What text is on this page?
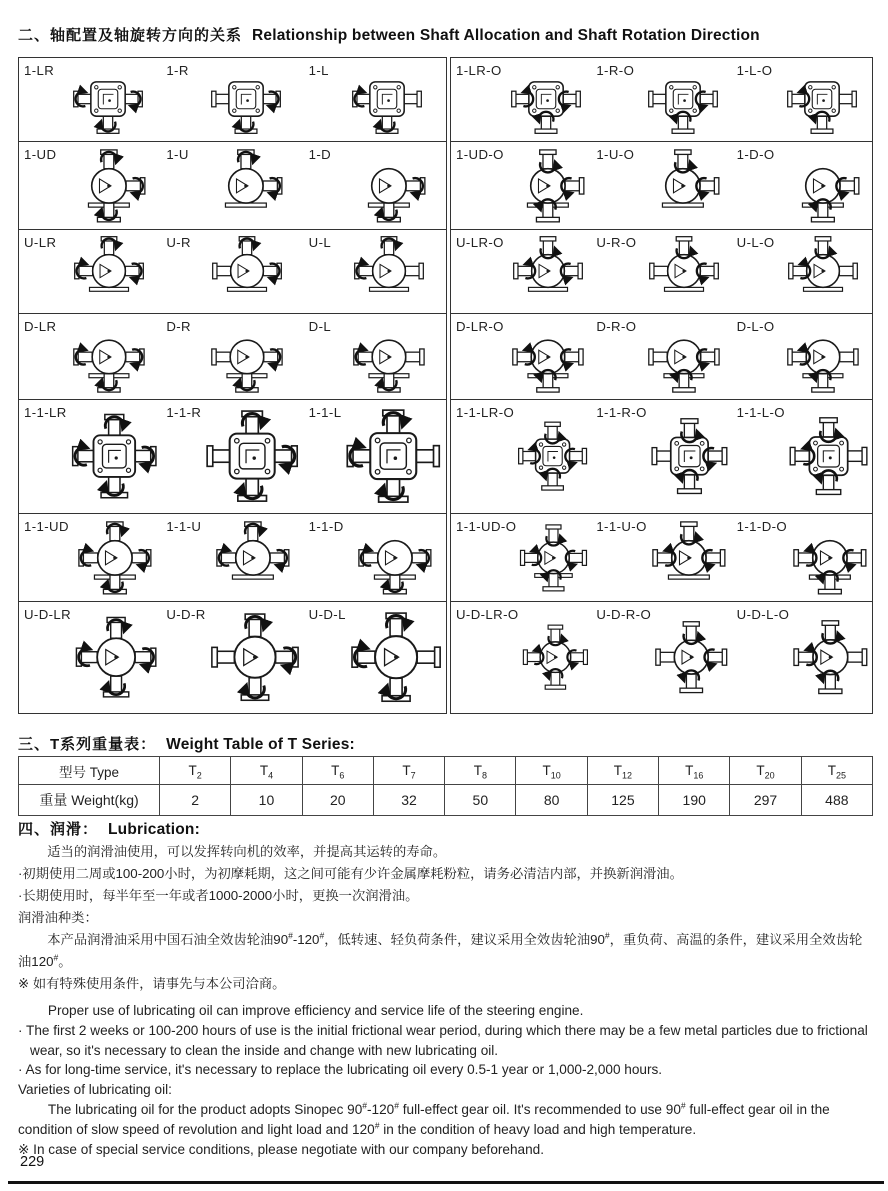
二、轴配置及轴旋转方向的关系 Relationship between Shaft Allocation and Shaft Rotation Direction
1-LR	1-R	1-L
1-UD	1-U	1-D
U-LR	U-R	U-L
D-LR	D-R	D-L
1-1-LR	1-1-R	1-1-L
1-1-UD	1-1-U	1-1-D
U-D-LR	U-D-R	U-D-L
1-LR-O	1-R-O	1-L-O
1-UD-O	1-U-O	1-D-O
U-LR-O	U-R-O	U-L-O
D-LR-O	D-R-O	D-L-O
1-1-LR-O	1-1-R-O	1-1-L-O
1-1-UD-O	1-1-U-O	1-1-D-O
U-D-LR-O	U-D-R-O	U-D-L-O
三、T系列重量表： Weight Table of T Series:
型号 Type	$T_2$	$T_4$	$T_6$	$T_7$	$T_8$	$T_{10}$	$T_{12}$	$T_{16}$	$T_{20}$	$T_{25}$
重量 Weight(kg)	2	10	20	32	50	80	125	190	297	488
四、润滑： Lubrication:
适当的润滑油使用，可以发挥转向机的效率，并提高其运转的寿命。
·初期使用二周或100-200小时，为初摩耗期，这之间可能有少许金属摩耗粉粒，请务必清洁内部，并换新润滑油。
·长期使用时，每半年至一年或者1000-2000小时，更换一次润滑油。
润滑油种类：
本产品润滑油采用中国石油全效齿轮油90#-120#，低转速、轻负荷条件，建议采用全效齿轮油90#，重负荷、高温的条件，建议采用全效齿轮油120#。
※ 如有特殊使用条件，请事先与本公司洽商。
Proper use of lubricating oil can improve efficiency and service life of the steering engine.
· The first 2 weeks or 100-200 hours of use is the initial frictional wear period, during which there may be a few metal particles due to frictional wear, so it's necessary to clean the inside and change with new lubricating oil.
· As for long-time service, it's necessary to replace the lubricating oil every 0.5-1 year or 1,000-2,000 hours.
Varieties of lubricating oil:
The lubricating oil for the product adopts Sinopec 90#-120# full-effect gear oil. It's recommended to use 90# full-effect gear oil in the condition of slow speed of revolution and light load and 120# in the condition of heavy load and high temperature.
※ In case of special service conditions, please negotiate with our company beforehand.
229
